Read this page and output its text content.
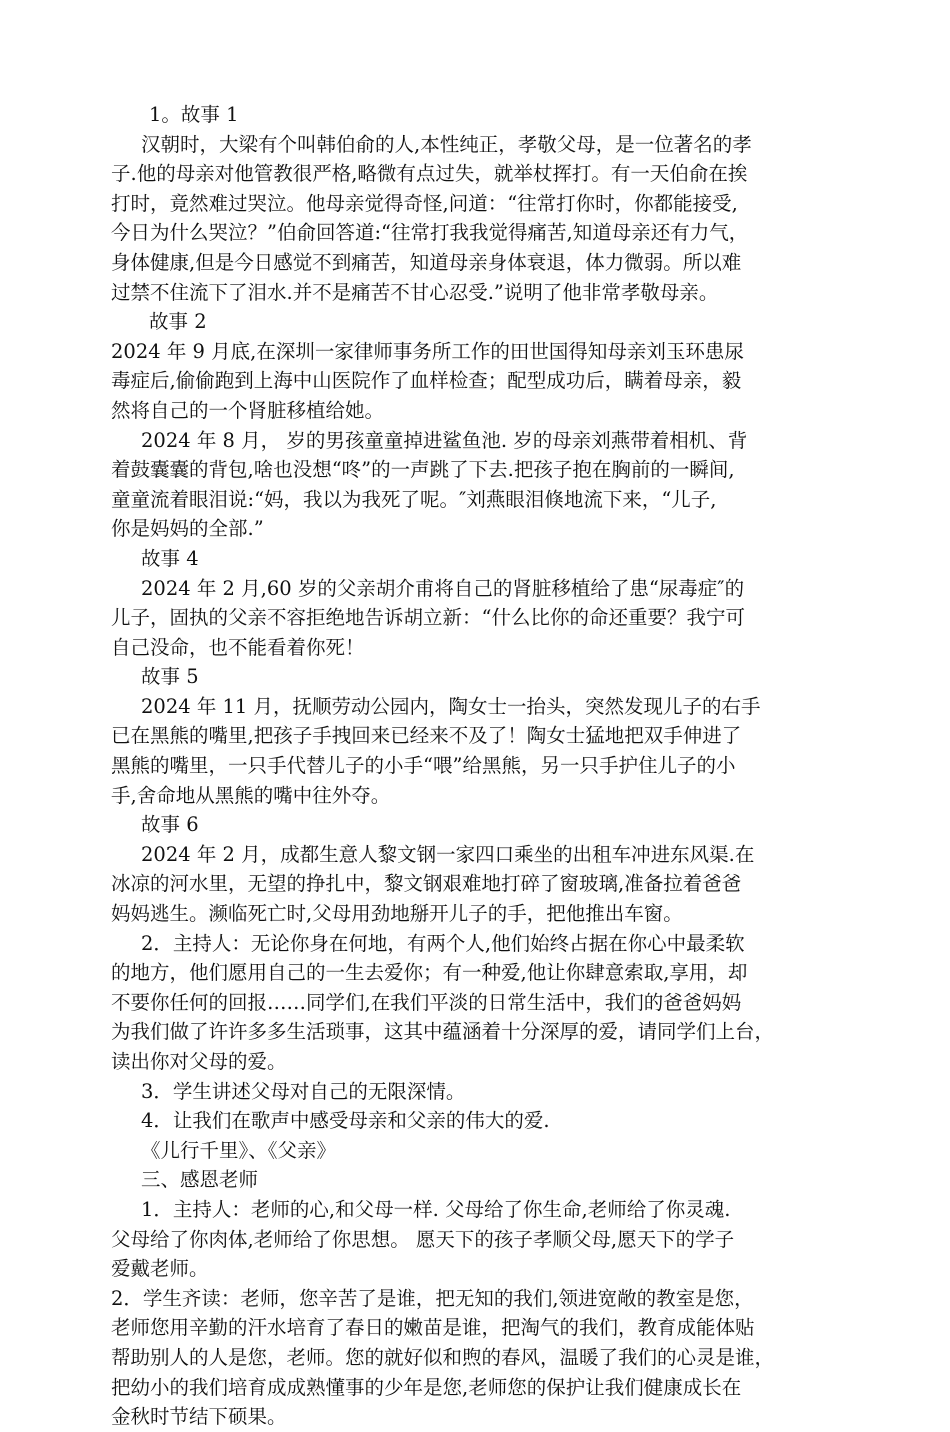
1。故事 1
汉朝时，大梁有个叫韩伯俞的人,本性纯正，孝敬父母，是一位著名的孝
子.他的母亲对他管教很严格,略微有点过失，就举杖挥打。有一天伯俞在挨
打时，竟然难过哭泣。他母亲觉得奇怪,问道：“往常打你时，你都能接受,
今日为什么哭泣？”伯俞回答道:“往常打我我觉得痛苦,知道母亲还有力气，
身体健康,但是今日感觉不到痛苦，知道母亲身体衰退，体力微弱。所以难
过禁不住流下了泪水.并不是痛苦不甘心忍受.”说明了他非常孝敬母亲。
故事 2
2024 年 9 月底,在深圳一家律师事务所工作的田世国得知母亲刘玉环患尿
毒症后,偷偷跑到上海中山医院作了血样检查；配型成功后，瞒着母亲，毅
然将自己的一个肾脏移植给她。
2024 年 8 月， 岁的男孩童童掉进鲨鱼池. 岁的母亲刘燕带着相机、背
着鼓囊囊的背包,啥也没想“咚”的一声跳了下去.把孩子抱在胸前的一瞬间,
童童流着眼泪说:“妈，我以为我死了呢。″刘燕眼泪倏地流下来，“儿子,
你是妈妈的全部.”
故事 4
2024 年 2 月,60 岁的父亲胡介甫将自己的肾脏移植给了患“尿毒症″的
儿子，固执的父亲不容拒绝地告诉胡立新：“什么比你的命还重要？我宁可
自己没命，也不能看着你死！
故事 5
2024 年 11 月，抚顺劳动公园内，陶女士一抬头，突然发现儿子的右手
已在黑熊的嘴里,把孩子手拽回来已经来不及了！陶女士猛地把双手伸进了
黑熊的嘴里，一只手代替儿子的小手“喂”给黑熊，另一只手护住儿子的小
手,舍命地从黑熊的嘴中往外夺。
故事 6
2024 年 2 月，成都生意人黎文钢一家四口乘坐的出租车冲进东风渠.在
冰凉的河水里，无望的挣扎中，黎文钢艰难地打碎了窗玻璃,准备拉着爸爸
妈妈逃生。濒临死亡时,父母用劲地掰开儿子的手，把他推出车窗。
2．主持人：无论你身在何地，有两个人,他们始终占据在你心中最柔软
的地方，他们愿用自己的一生去爱你；有一种爱,他让你肆意索取,享用，却
不要你任何的回报……同学们,在我们平淡的日常生活中，我们的爸爸妈妈
为我们做了许许多多生活琐事，这其中蕴涵着十分深厚的爱，请同学们上台，
读出你对父母的爱。
3．学生讲述父母对自己的无限深情。
4．让我们在歌声中感受母亲和父亲的伟大的爱.
《儿行千里》、《父亲》
三、感恩老师
1．主持人：老师的心,和父母一样. 父母给了你生命,老师给了你灵魂.
父母给了你肉体,老师给了你思想。 愿天下的孩子孝顺父母,愿天下的学子
爱戴老师。
2．学生齐读：老师，您辛苦了是谁，把无知的我们,领进宽敞的教室是您，
老师您用辛勤的汗水培育了春日的嫩苗是谁，把淘气的我们，教育成能体贴
帮助别人的人是您，老师。您的就好似和煦的春风，温暖了我们的心灵是谁，
把幼小的我们培育成成熟懂事的少年是您,老师您的保护让我们健康成长在
金秋时节结下硕果。
